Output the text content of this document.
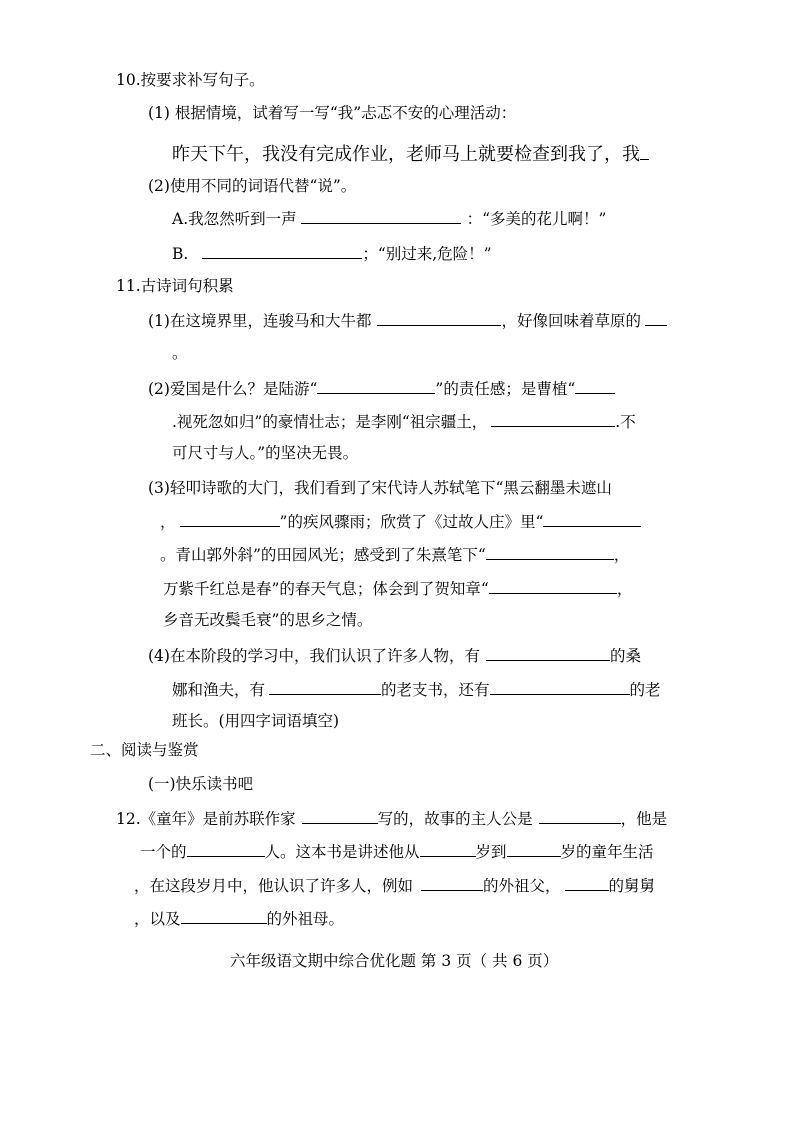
10.按要求补写句子。
(1) 根据情境，试着写一写“我”忐忑不安的心理活动：
昨天下午，我没有完成作业，老师马上就要检查到我了，我
(2)使用不同的词语代替“说”。
A.我忽然听到一声	：“多美的花儿啊！”
B.	；“别过来,危险！”
11.古诗词句积累
(1)在这境界里，连骏马和大牛都	，好像回味着草原的
。
(2)爱国是什么？是陆游“	”的责任感；是曹植“
.视死忽如归”的豪情壮志；是李刚“祖宗疆土，	.不
可尺寸与人。”的坚决无畏。
(3)轻叩诗歌的大门，我们看到了宋代诗人苏轼笔下“黑云翻墨未遮山
，	”的疾风骤雨；欣赏了《过故人庄》里“
。青山郭外斜”的田园风光；感受到了朱熹笔下“	，
万紫千红总是春”的春天气息；体会到了贺知章“	，
乡音无改鬓毛衰”的思乡之情。
(4)在本阶段的学习中，我们认识了许多人物，有	的桑
娜和渔夫，有	的老支书，还有	的老
班长。(用四字词语填空)
二、阅读与鉴赏
(一)快乐读书吧
12.《童年》是前苏联作家	写的，故事的主人公是	，他是
一个的	人。这本书是讲述他从	岁到	岁的童年生活
，在这段岁月中，他认识了许多人，例如	的外祖父，	的舅舅
，以及	的外祖母。
六年级语文期中综合优化题 第 3 页（ 共 6 页）
